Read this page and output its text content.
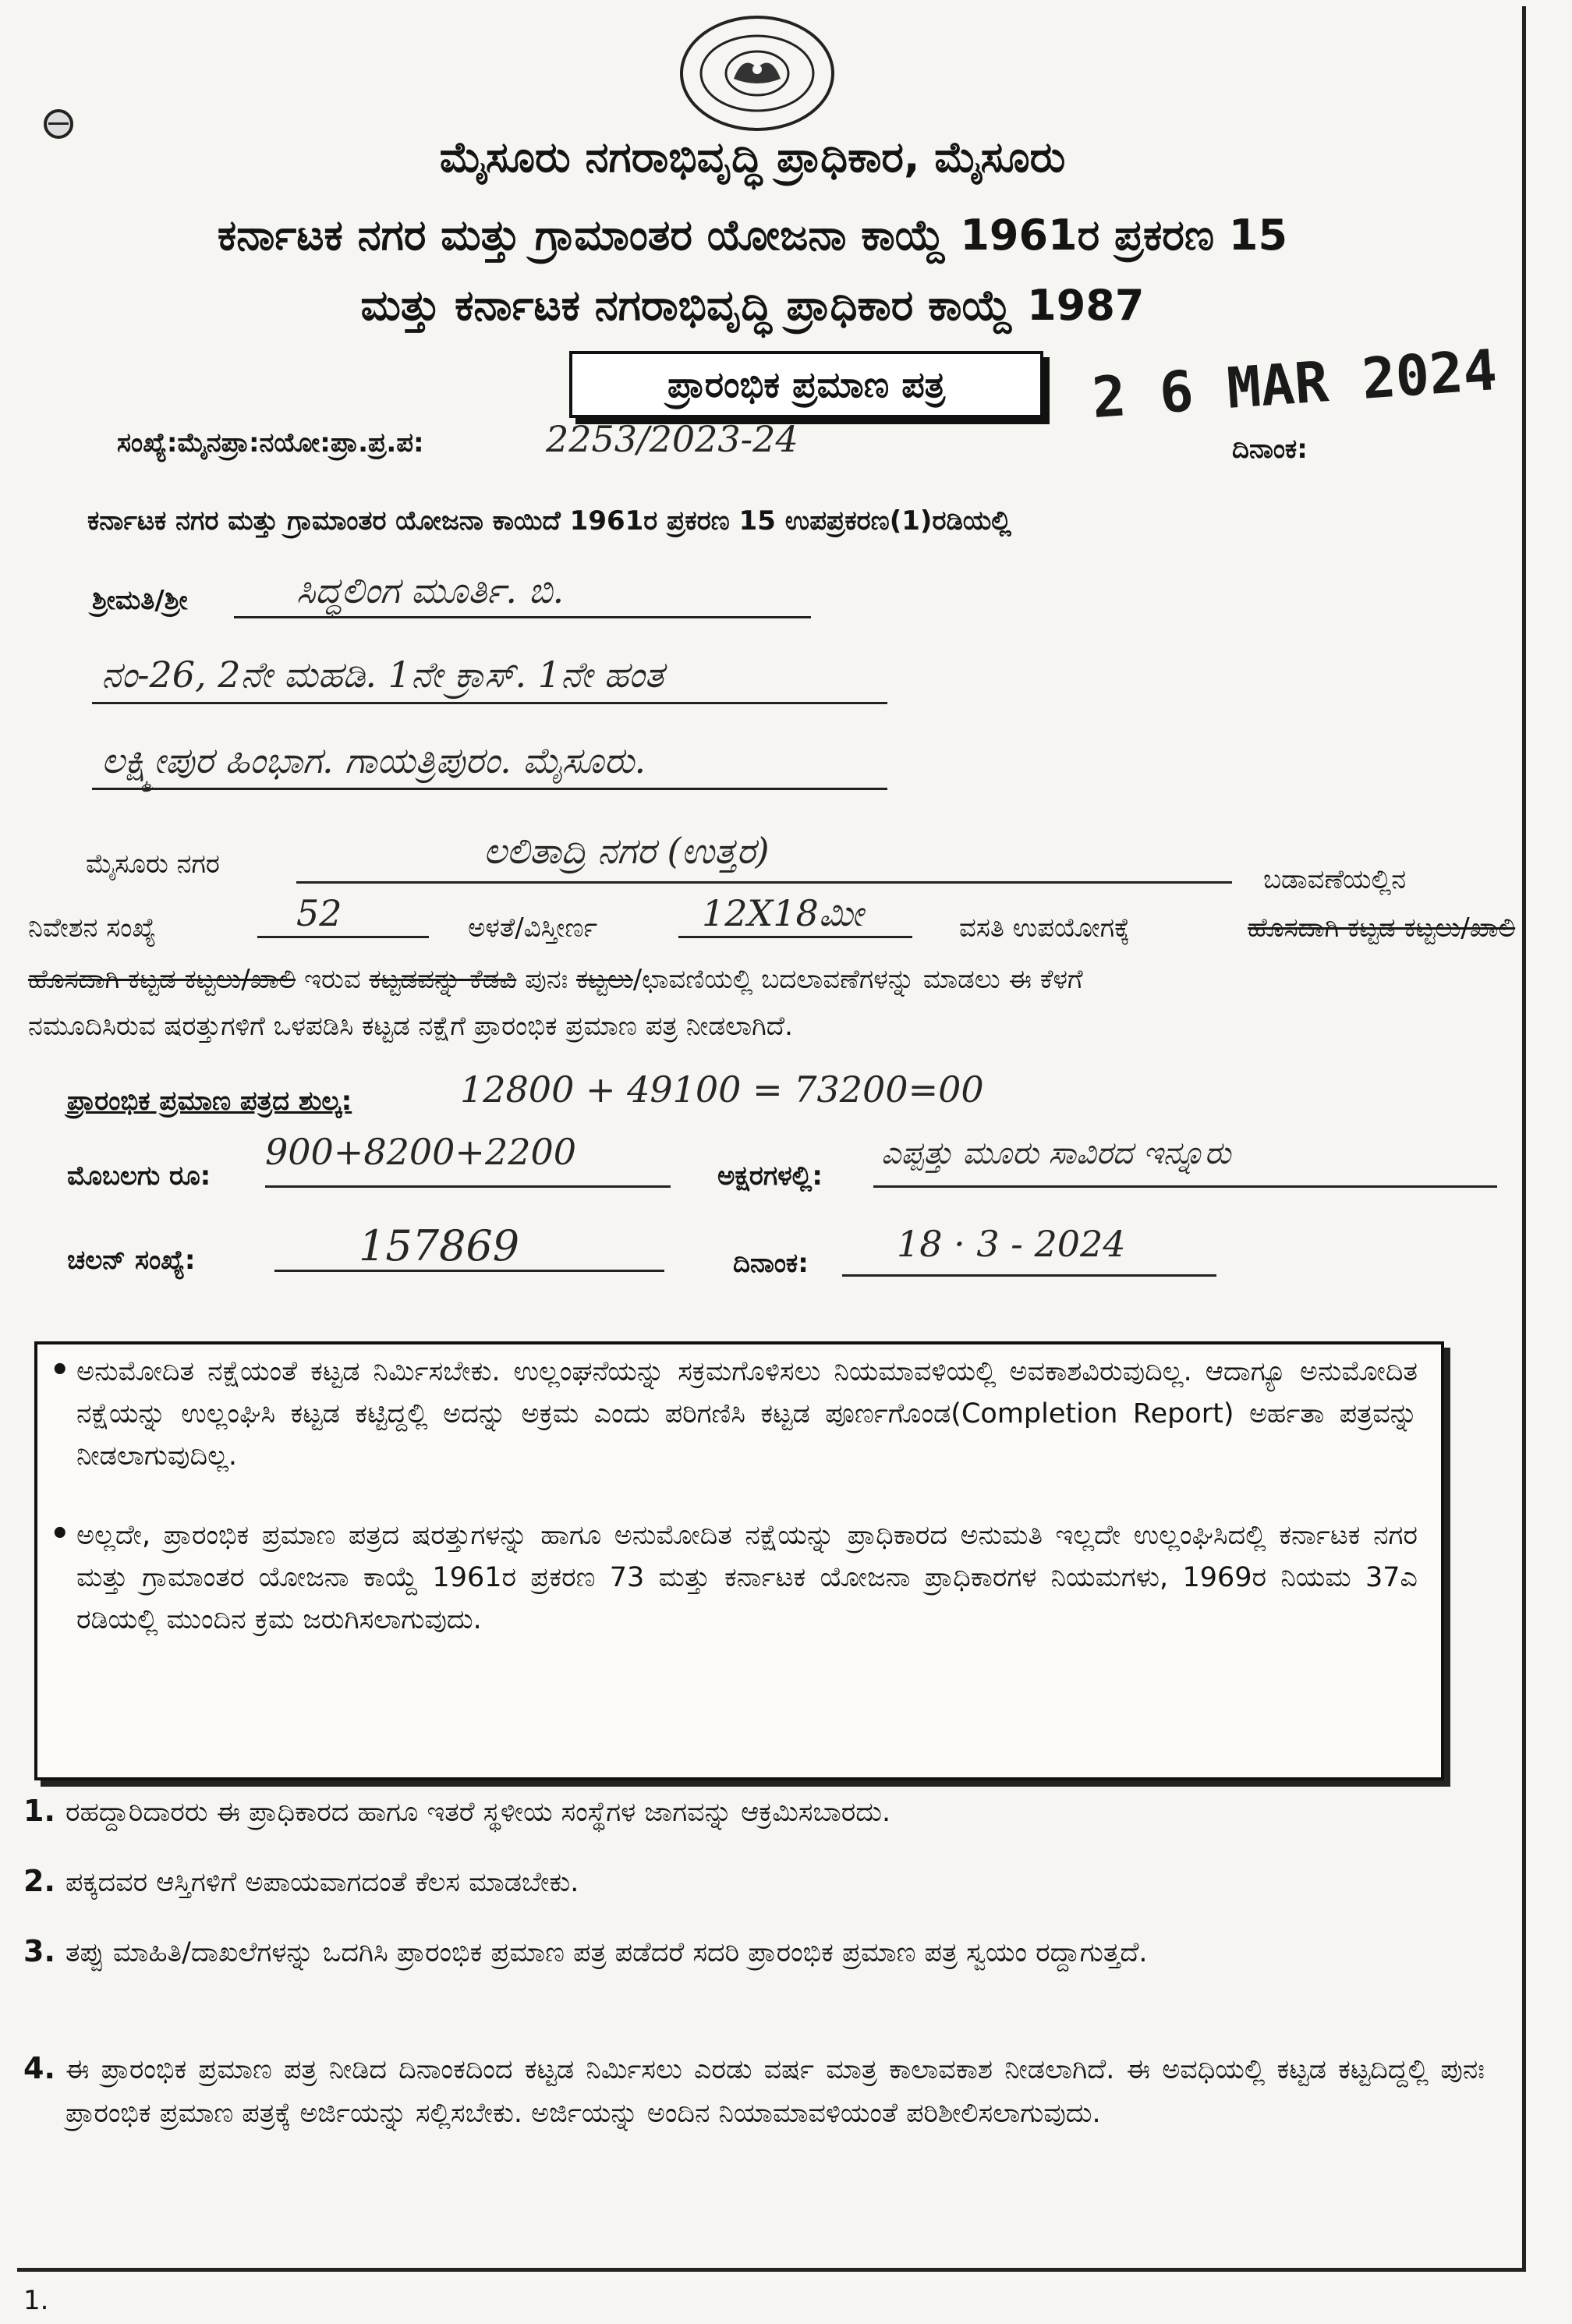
ಮೈಸೂರು ನಗರಾಭಿವೃದ್ಧಿ ಪ್ರಾಧಿಕಾರ, ಮೈಸೂರು
ಕರ್ನಾಟಕ ನಗರ ಮತ್ತು ಗ್ರಾಮಾಂತರ ಯೋಜನಾ ಕಾಯ್ದೆ 1961ರ ಪ್ರಕರಣ 15
ಮತ್ತು ಕರ್ನಾಟಕ ನಗರಾಭಿವೃದ್ಧಿ ಪ್ರಾಧಿಕಾರ ಕಾಯ್ದೆ 1987
ಪ್ರಾರಂಭಿಕ ಪ್ರಮಾಣ ಪತ್ರ	2 6 MAR 2024
ಸಂಖ್ಯೆ:ಮೈನಪ್ರಾ:ನಯೋ:ಪ್ರಾ.ಪ್ರ.ಪ:	2253/2023-24	ದಿನಾಂಕ:
ಕರ್ನಾಟಕ ನಗರ ಮತ್ತು ಗ್ರಾಮಾಂತರ ಯೋಜನಾ ಕಾಯಿದೆ 1961ರ ಪ್ರಕರಣ 15 ಉಪಪ್ರಕರಣ(1)ರಡಿಯಲ್ಲಿ
ಶ್ರೀಮತಿ/ಶ್ರೀ	ಸಿದ್ಧಲಿಂಗ ಮೂರ್ತಿ. ಬಿ.
ನಂ-26, 2ನೇ ಮಹಡಿ. 1ನೇ ಕ್ರಾಸ್. 1ನೇ ಹಂತ
ಲಕ್ಷ್ಮೀಪುರ ಹಿಂಭಾಗ. ಗಾಯತ್ರಿಪುರಂ. ಮೈಸೂರು.
ಮೈಸೂರು ನಗರ	ಲಲಿತಾದ್ರಿ ನಗರ (ಉತ್ತರ)
ಬಡಾವಣೆಯಲ್ಲಿನ
ನಿವೇಶನ ಸಂಖ್ಯೆ	52	ಅಳತೆ/ವಿಸ್ತೀರ್ಣ	12X18ಮೀ	ವಸತಿ ಉಪಯೋಗಕ್ಕೆ	ಹೊಸದಾಗಿ ಕಟ್ಟಡ ಕಟ್ಟಲು/ಖಾಲಿ
ಹೊಸದಾಗಿ ಕಟ್ಟಡ ಕಟ್ಟಲು/ಖಾಲಿ ಇರುವ ಕಟ್ಟಡವನ್ನು ಕೆಡವಿ ಪುನಃ ಕಟ್ಟಲು/ಛಾವಣಿಯಲ್ಲಿ ಬದಲಾವಣೆಗಳನ್ನು ಮಾಡಲು ಈ ಕೆಳಗೆ
ನಮೂದಿಸಿರುವ ಷರತ್ತುಗಳಿಗೆ ಒಳಪಡಿಸಿ ಕಟ್ಟಡ ನಕ್ಷೆಗೆ ಪ್ರಾರಂಭಿಕ ಪ್ರಮಾಣ ಪತ್ರ ನೀಡಲಾಗಿದೆ.
ಪ್ರಾರಂಭಿಕ ಪ್ರಮಾಣ ಪತ್ರದ ಶುಲ್ಕ:	12800 + 49100 = 73200=00
ಮೊಬಲಗು ರೂ:
900+8200+2200
ಅಕ್ಷರಗಳಲ್ಲಿ:
ಎಪ್ಪತ್ತು ಮೂರು ಸಾವಿರದ ಇನ್ನೂರು
ಚಲನ್ ಸಂಖ್ಯೆ:	157869	ದಿನಾಂಕ: 18 · 3 - 2024
• ಅನುಮೋದಿತ ನಕ್ಷೆಯಂತೆ ಕಟ್ಟಡ ನಿರ್ಮಿಸಬೇಕು. ಉಲ್ಲಂಘನೆಯನ್ನು ಸಕ್ರಮಗೊಳಿಸಲು ನಿಯಮಾವಳಿಯಲ್ಲಿ ಅವಕಾಶವಿರುವುದಿಲ್ಲ. ಆದಾಗ್ಯೂ ಅನುಮೋದಿತ ನಕ್ಷೆಯನ್ನು ಉಲ್ಲಂಘಿಸಿ ಕಟ್ಟಡ ಕಟ್ಟಿದ್ದಲ್ಲಿ ಅದನ್ನು ಅಕ್ರಮ ಎಂದು ಪರಿಗಣಿಸಿ ಕಟ್ಟಡ ಪೂರ್ಣಗೊಂಡ(Completion Report) ಅರ್ಹತಾ ಪತ್ರವನ್ನು ನೀಡಲಾಗುವುದಿಲ್ಲ.
• ಅಲ್ಲದೇ, ಪ್ರಾರಂಭಿಕ ಪ್ರಮಾಣ ಪತ್ರದ ಷರತ್ತುಗಳನ್ನು ಹಾಗೂ ಅನುಮೋದಿತ ನಕ್ಷೆಯನ್ನು ಪ್ರಾಧಿಕಾರದ ಅನುಮತಿ ಇಲ್ಲದೇ ಉಲ್ಲಂಘಿಸಿದಲ್ಲಿ ಕರ್ನಾಟಕ ನಗರ ಮತ್ತು ಗ್ರಾಮಾಂತರ ಯೋಜನಾ ಕಾಯ್ದೆ 1961ರ ಪ್ರಕರಣ 73 ಮತ್ತು ಕರ್ನಾಟಕ ಯೋಜನಾ ಪ್ರಾಧಿಕಾರಗಳ ನಿಯಮಗಳು, 1969ರ ನಿಯಮ 37ಎ ರಡಿಯಲ್ಲಿ ಮುಂದಿನ ಕ್ರಮ ಜರುಗಿಸಲಾಗುವುದು.
1. ರಹದ್ದಾರಿದಾರರು ಈ ಪ್ರಾಧಿಕಾರದ ಹಾಗೂ ಇತರೆ ಸ್ಥಳೀಯ ಸಂಸ್ಥೆಗಳ ಜಾಗವನ್ನು ಆಕ್ರಮಿಸಬಾರದು.
2. ಪಕ್ಕದವರ ಆಸ್ತಿಗಳಿಗೆ ಅಪಾಯವಾಗದಂತೆ ಕೆಲಸ ಮಾಡಬೇಕು.
3. ತಪ್ಪು ಮಾಹಿತಿ/ದಾಖಲೆಗಳನ್ನು ಒದಗಿಸಿ ಪ್ರಾರಂಭಿಕ ಪ್ರಮಾಣ ಪತ್ರ ಪಡೆದರೆ ಸದರಿ ಪ್ರಾರಂಭಿಕ ಪ್ರಮಾಣ ಪತ್ರ ಸ್ವಯಂ ರದ್ದಾಗುತ್ತದೆ.
4. ಈ ಪ್ರಾರಂಭಿಕ ಪ್ರಮಾಣ ಪತ್ರ ನೀಡಿದ ದಿನಾಂಕದಿಂದ ಕಟ್ಟಡ ನಿರ್ಮಿಸಲು ಎರಡು ವರ್ಷ ಮಾತ್ರ ಕಾಲಾವಕಾಶ ನೀಡಲಾಗಿದೆ. ಈ ಅವಧಿಯಲ್ಲಿ ಕಟ್ಟಡ ಕಟ್ಟದಿದ್ದಲ್ಲಿ ಪುನಃ ಪ್ರಾರಂಭಿಕ ಪ್ರಮಾಣ ಪತ್ರಕ್ಕೆ ಅರ್ಜಿಯನ್ನು ಸಲ್ಲಿಸಬೇಕು. ಅರ್ಜಿಯನ್ನು ಅಂದಿನ ನಿಯಾಮಾವಳಿಯಂತೆ ಪರಿಶೀಲಿಸಲಾಗುವುದು.
1.
